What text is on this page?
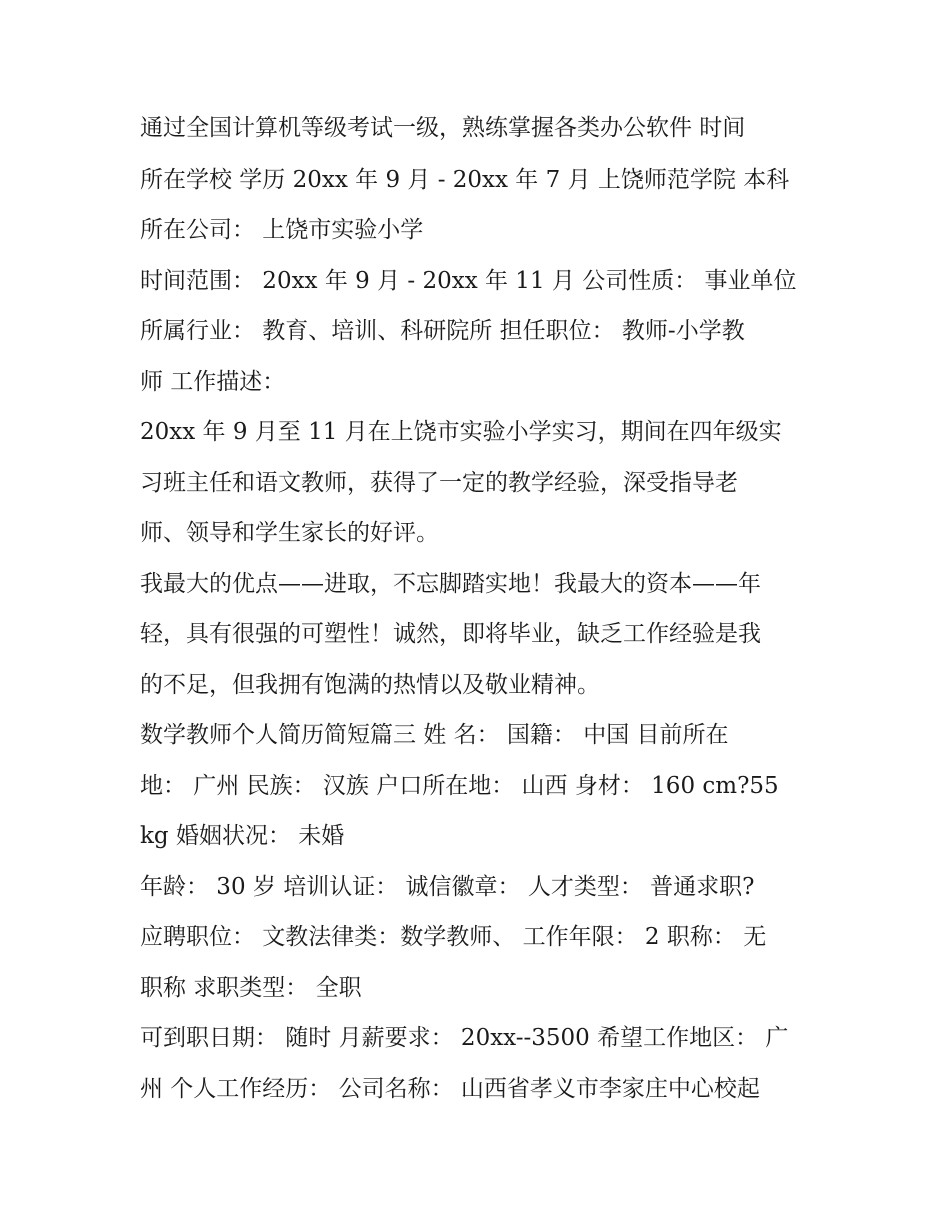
通过全国计算机等级考试一级，熟练掌握各类办公软件 时间
所在学校 学历 20xx 年 9 月 - 20xx 年 7 月 上饶师范学院 本科
所在公司： 上饶市实验小学
时间范围： 20xx 年 9 月 - 20xx 年 11 月 公司性质： 事业单位
所属行业： 教育、培训、科研院所 担任职位： 教师-小学教
师 工作描述：
20xx 年 9 月至 11 月在上饶市实验小学实习，期间在四年级实
习班主任和语文教师，获得了一定的教学经验，深受指导老
师、领导和学生家长的好评。
我最大的优点——进取，不忘脚踏实地！我最大的资本——年
轻，具有很强的可塑性！诚然，即将毕业，缺乏工作经验是我
的不足，但我拥有饱满的热情以及敬业精神。
数学教师个人简历简短篇三 姓 名： 国籍： 中国 目前所在
地： 广州 民族： 汉族 户口所在地： 山西 身材： 160 cm?55
kg 婚姻状况： 未婚
年龄： 30 岁 培训认证： 诚信徽章： 人才类型： 普通求职?
应聘职位： 文教法律类：数学教师、 工作年限： 2 职称： 无
职称 求职类型： 全职
可到职日期： 随时 月薪要求： 20xx--3500 希望工作地区： 广
州 个人工作经历： 公司名称： 山西省孝义市李家庄中心校起
